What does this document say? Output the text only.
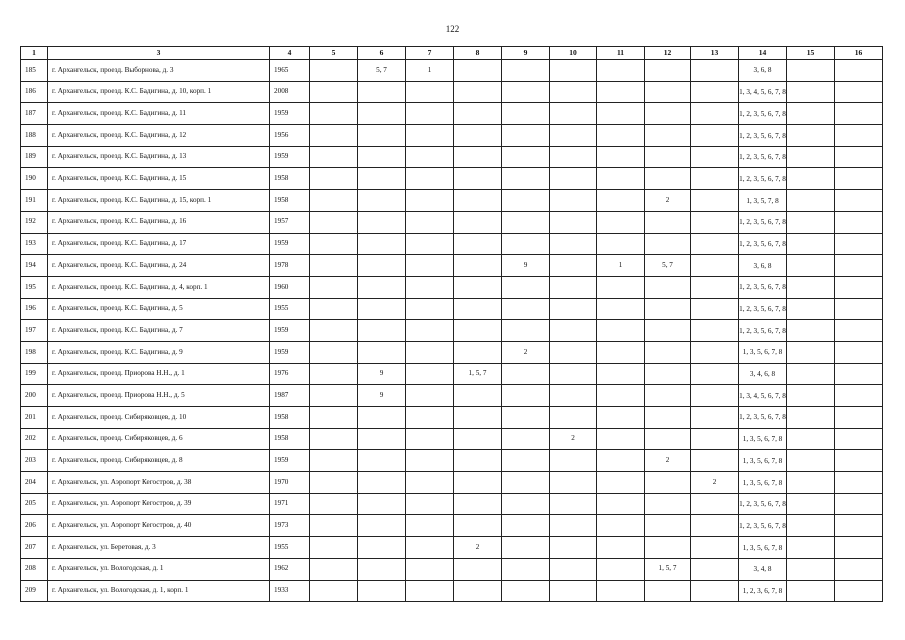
122
1	3	4	5	6	7	8	9	10	11	12	13	14	15	16
185	г. Архангельск, проезд. Выборнова, д. 3	1965		5, 7	1							3, 6, 8		
186	г. Архангельск, проезд. К.С. Бадигина, д. 10, корп. 1	2008										1, 3, 4, 5, 6, 7, 8		
187	г. Архангельск, проезд. К.С. Бадигина, д. 11	1959										1, 2, 3, 5, 6, 7, 8		
188	г. Архангельск, проезд. К.С. Бадигина, д. 12	1956										1, 2, 3, 5, 6, 7, 8		
189	г. Архангельск, проезд. К.С. Бадигина, д. 13	1959										1, 2, 3, 5, 6, 7, 8		
190	г. Архангельск, проезд. К.С. Бадигина, д. 15	1958										1, 2, 3, 5, 6, 7, 8		
191	г. Архангельск, проезд. К.С. Бадигина, д. 15, корп. 1	1958								2		1, 3, 5, 7, 8		
192	г. Архангельск, проезд. К.С. Бадигина, д. 16	1957										1, 2, 3, 5, 6, 7, 8		
193	г. Архангельск, проезд. К.С. Бадигина, д. 17	1959										1, 2, 3, 5, 6, 7, 8		
194	г. Архангельск, проезд. К.С. Бадигина, д. 24	1978					9		1	5, 7		3, 6, 8		
195	г. Архангельск, проезд. К.С. Бадигина, д. 4, корп. 1	1960										1, 2, 3, 5, 6, 7, 8		
196	г. Архангельск, проезд. К.С. Бадигина, д. 5	1955										1, 2, 3, 5, 6, 7, 8		
197	г. Архангельск, проезд. К.С. Бадигина, д. 7	1959										1, 2, 3, 5, 6, 7, 8		
198	г. Архангельск, проезд. К.С. Бадигина, д. 9	1959					2					1, 3, 5, 6, 7, 8		
199	г. Архангельск, проезд. Приорова Н.Н., д. 1	1976		9		1, 5, 7						3, 4, 6, 8		
200	г. Архангельск, проезд. Приорова Н.Н., д. 5	1987		9								1, 3, 4, 5, 6, 7, 8		
201	г. Архангельск, проезд. Сибиряковцев, д. 10	1958										1, 2, 3, 5, 6, 7, 8		
202	г. Архангельск, проезд. Сибиряковцев, д. 6	1958						2				1, 3, 5, 6, 7, 8		
203	г. Архангельск, проезд. Сибиряковцев, д. 8	1959								2		1, 3, 5, 6, 7, 8		
204	г. Архангельск, ул. Аэропорт Кегостров, д. 38	1970									2	1, 3, 5, 6, 7, 8		
205	г. Архангельск, ул. Аэропорт Кегостров, д. 39	1971										1, 2, 3, 5, 6, 7, 8		
206	г. Архангельск, ул. Аэропорт Кегостров, д. 40	1973										1, 2, 3, 5, 6, 7, 8		
207	г. Архангельск, ул. Беретовая, д. 3	1955				2						1, 3, 5, 6, 7, 8		
208	г. Архангельск, ул. Вологодская, д. 1	1962								1, 5, 7		3, 4, 8		
209	г. Архангельск, ул. Вологодская, д. 1, корп. 1	1933										1, 2, 3, 6, 7, 8		
